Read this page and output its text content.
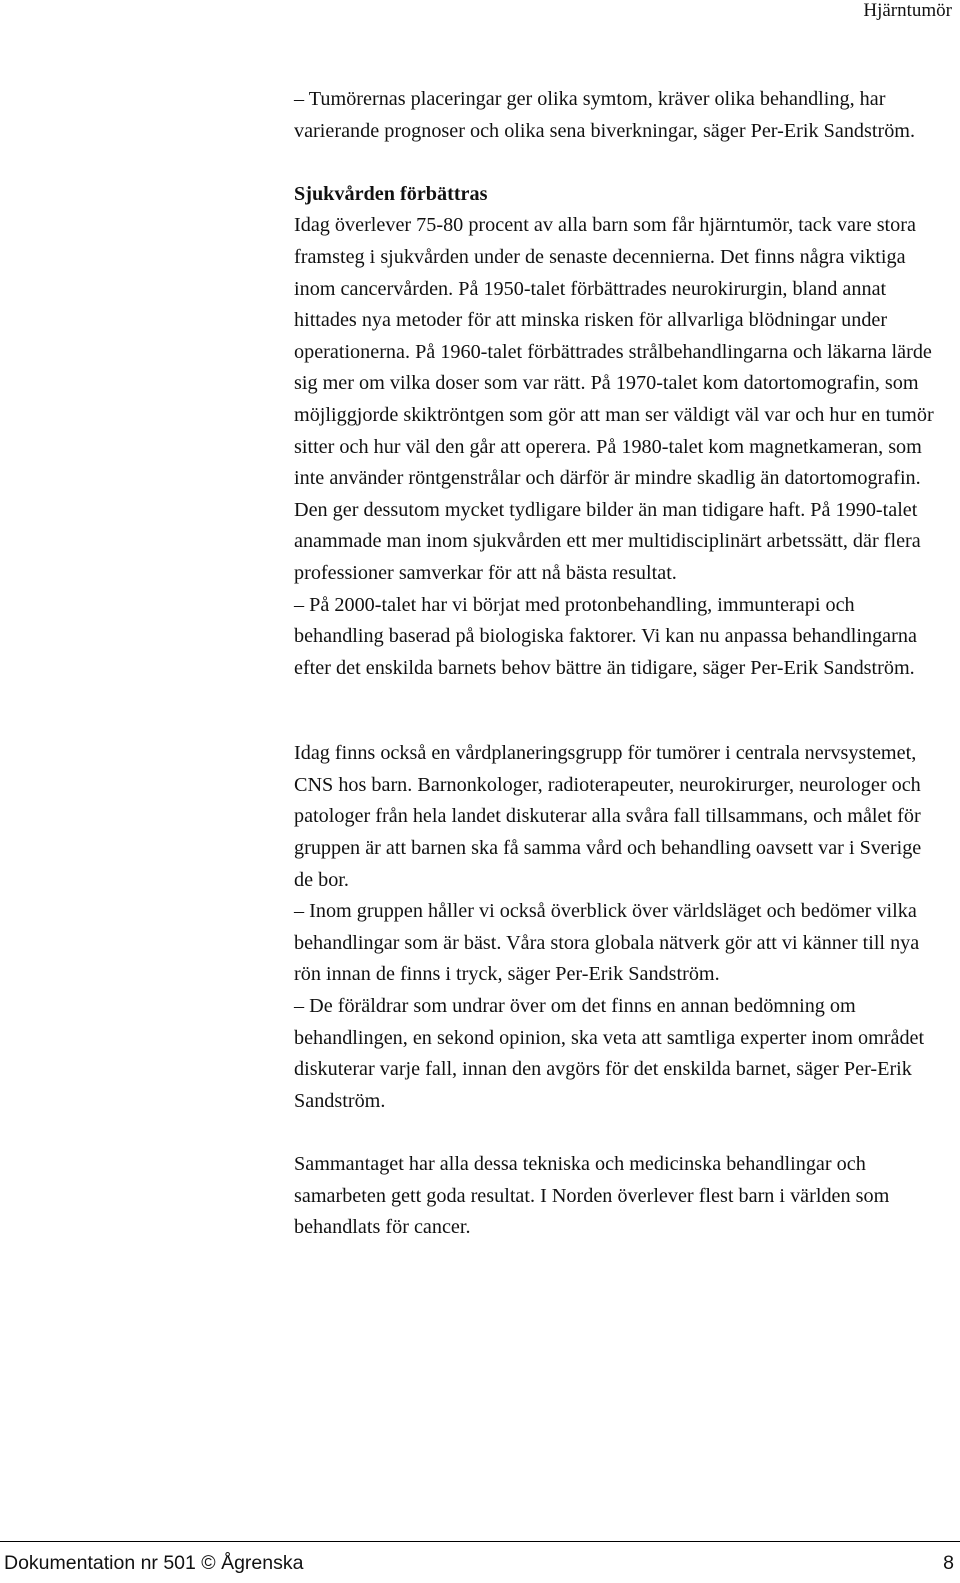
Hjärntumör

– Tumörernas placeringar ger olika symtom, kräver olika behandling, har varierande prognoser och olika sena biverkningar, säger Per-Erik Sandström.

Sjukvården förbättras

Idag överlever 75-80 procent av alla barn som får hjärntumör, tack vare stora framsteg i sjukvården under de senaste decennierna. Det finns några viktiga inom cancervården. På 1950-talet förbättrades neurokirurgin, bland annat hittades nya metoder för att minska risken för allvarliga blödningar under operationerna. På 1960-talet förbättrades strålbehandlingarna och läkarna lärde sig mer om vilka doser som var rätt. På 1970-talet kom datortomografin, som möjliggjorde skiktröntgen som gör att man ser väldigt väl var och hur en tumör sitter och hur väl den går att operera. På 1980-talet kom magnetkameran, som inte använder röntgenstrålar och därför är mindre skadlig än datortomografin. Den ger dessutom mycket tydligare bilder än man tidigare haft. På 1990-talet anammade man inom sjukvården ett mer multidisciplinärt arbetssätt, där flera professioner samverkar för att nå bästa resultat.

– På 2000-talet har vi börjat med protonbehandling, immunterapi och behandling baserad på biologiska faktorer. Vi kan nu anpassa behandlingarna efter det enskilda barnets behov bättre än tidigare, säger Per-Erik Sandström.

Idag finns också en vårdplaneringsgrupp för tumörer i centrala nervsystemet, CNS hos barn. Barnonkologer, radioterapeuter, neurokirurger, neurologer och patologer från hela landet diskuterar alla svåra fall tillsammans, och målet för gruppen är att barnen ska få samma vård och behandling oavsett var i Sverige de bor.

– Inom gruppen håller vi också överblick över världsläget och bedömer vilka behandlingar som är bäst. Våra stora globala nätverk gör att vi känner till nya rön innan de finns i tryck, säger Per-Erik Sandström.

– De föräldrar som undrar över om det finns en annan bedömning om behandlingen, en sekond opinion, ska veta att samtliga experter inom området diskuterar varje fall, innan den avgörs för det enskilda barnet, säger Per-Erik Sandström.

Sammantaget har alla dessa tekniska och medicinska behandlingar och samarbeten gett goda resultat. I Norden överlever flest barn i världen som behandlats för cancer.

Dokumentation nr 501 © Ågrenska	8
